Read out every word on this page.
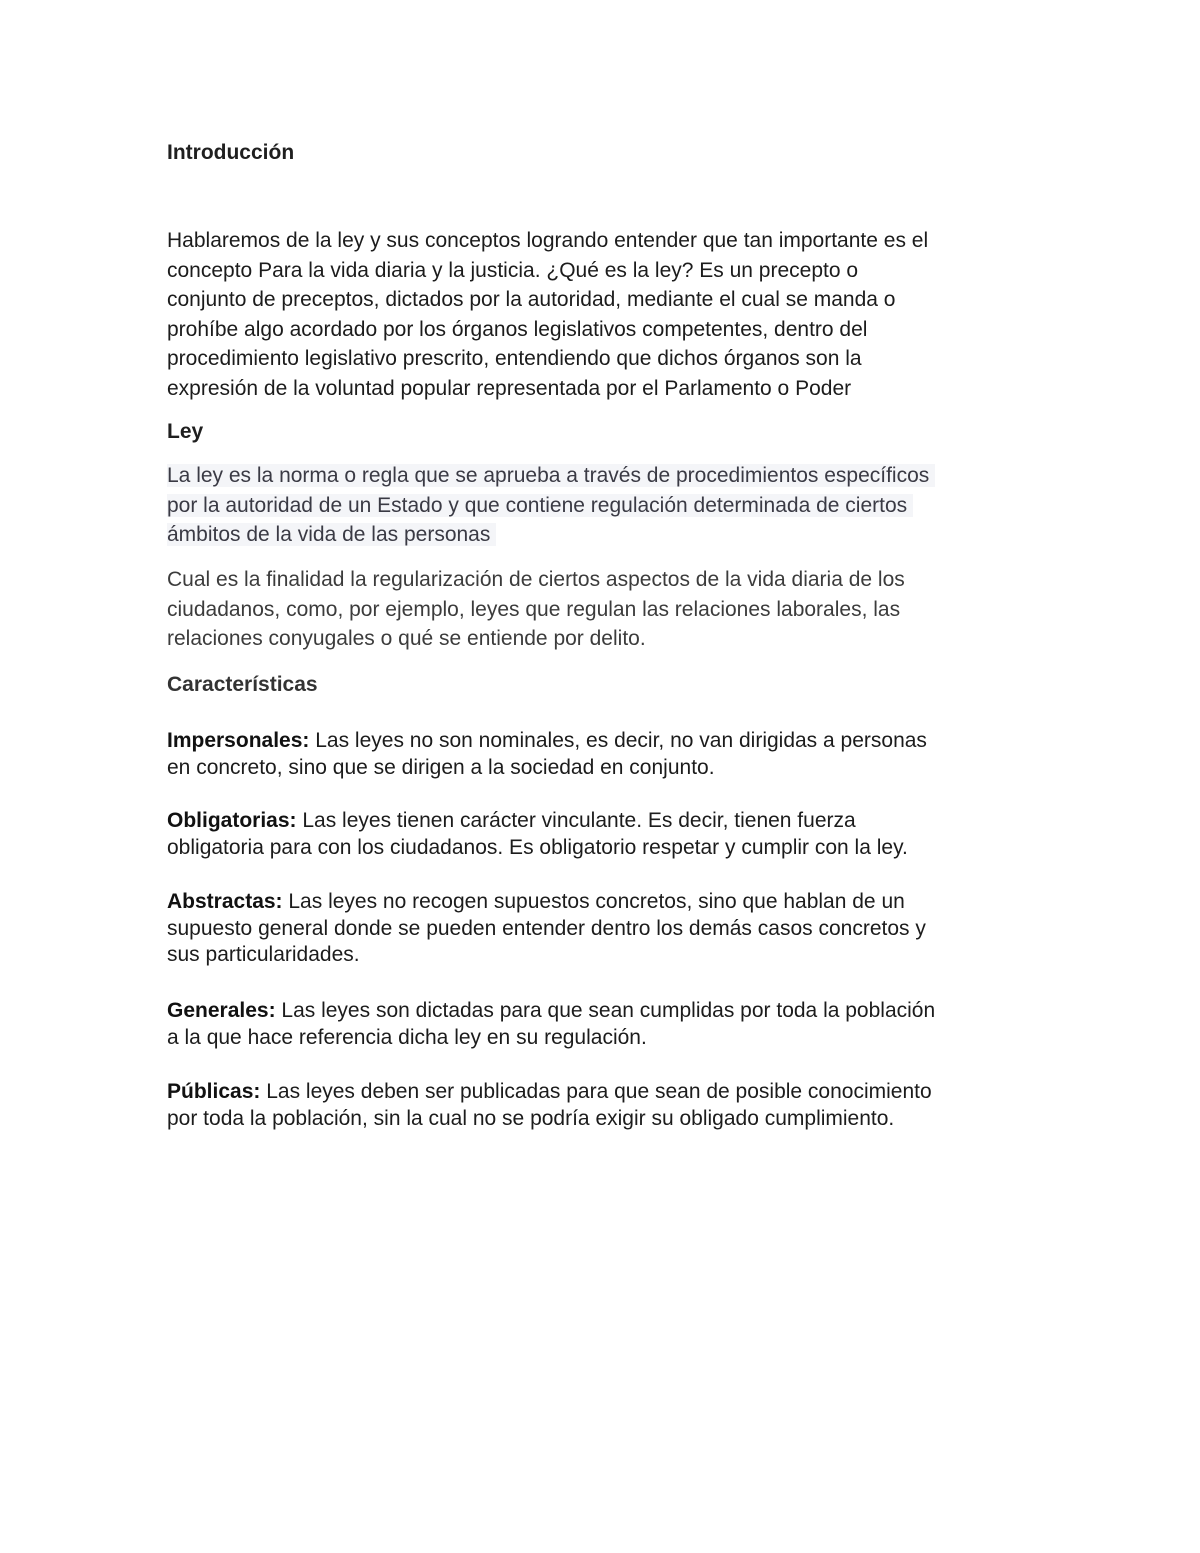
Introducción
Hablaremos de la ley y sus conceptos logrando entender que tan importante es el
concepto Para la vida diaria y la justicia. ¿Qué es la ley? Es un precepto o
conjunto de preceptos, dictados por la autoridad, mediante el cual se manda o
prohíbe algo acordado por los órganos legislativos competentes, dentro del
procedimiento legislativo prescrito, entendiendo que dichos órganos son la
expresión de la voluntad popular representada por el Parlamento o Poder
Ley
La ley es la norma o regla que se aprueba a través de procedimientos específicos
por la autoridad de un Estado y que contiene regulación determinada de ciertos
ámbitos de la vida de las personas
Cual es la finalidad la regularización de ciertos aspectos de la vida diaria de los
ciudadanos, como, por ejemplo, leyes que regulan las relaciones laborales, las
relaciones conyugales o qué se entiende por delito.
Características
Impersonales: Las leyes no son nominales, es decir, no van dirigidas a personas
en concreto, sino que se dirigen a la sociedad en conjunto.
Obligatorias: Las leyes tienen carácter vinculante. Es decir, tienen fuerza
obligatoria para con los ciudadanos. Es obligatorio respetar y cumplir con la ley.
Abstractas: Las leyes no recogen supuestos concretos, sino que hablan de un
supuesto general donde se pueden entender dentro los demás casos concretos y
sus particularidades.
Generales: Las leyes son dictadas para que sean cumplidas por toda la población
a la que hace referencia dicha ley en su regulación.
Públicas: Las leyes deben ser publicadas para que sean de posible conocimiento
por toda la población, sin la cual no se podría exigir su obligado cumplimiento.
